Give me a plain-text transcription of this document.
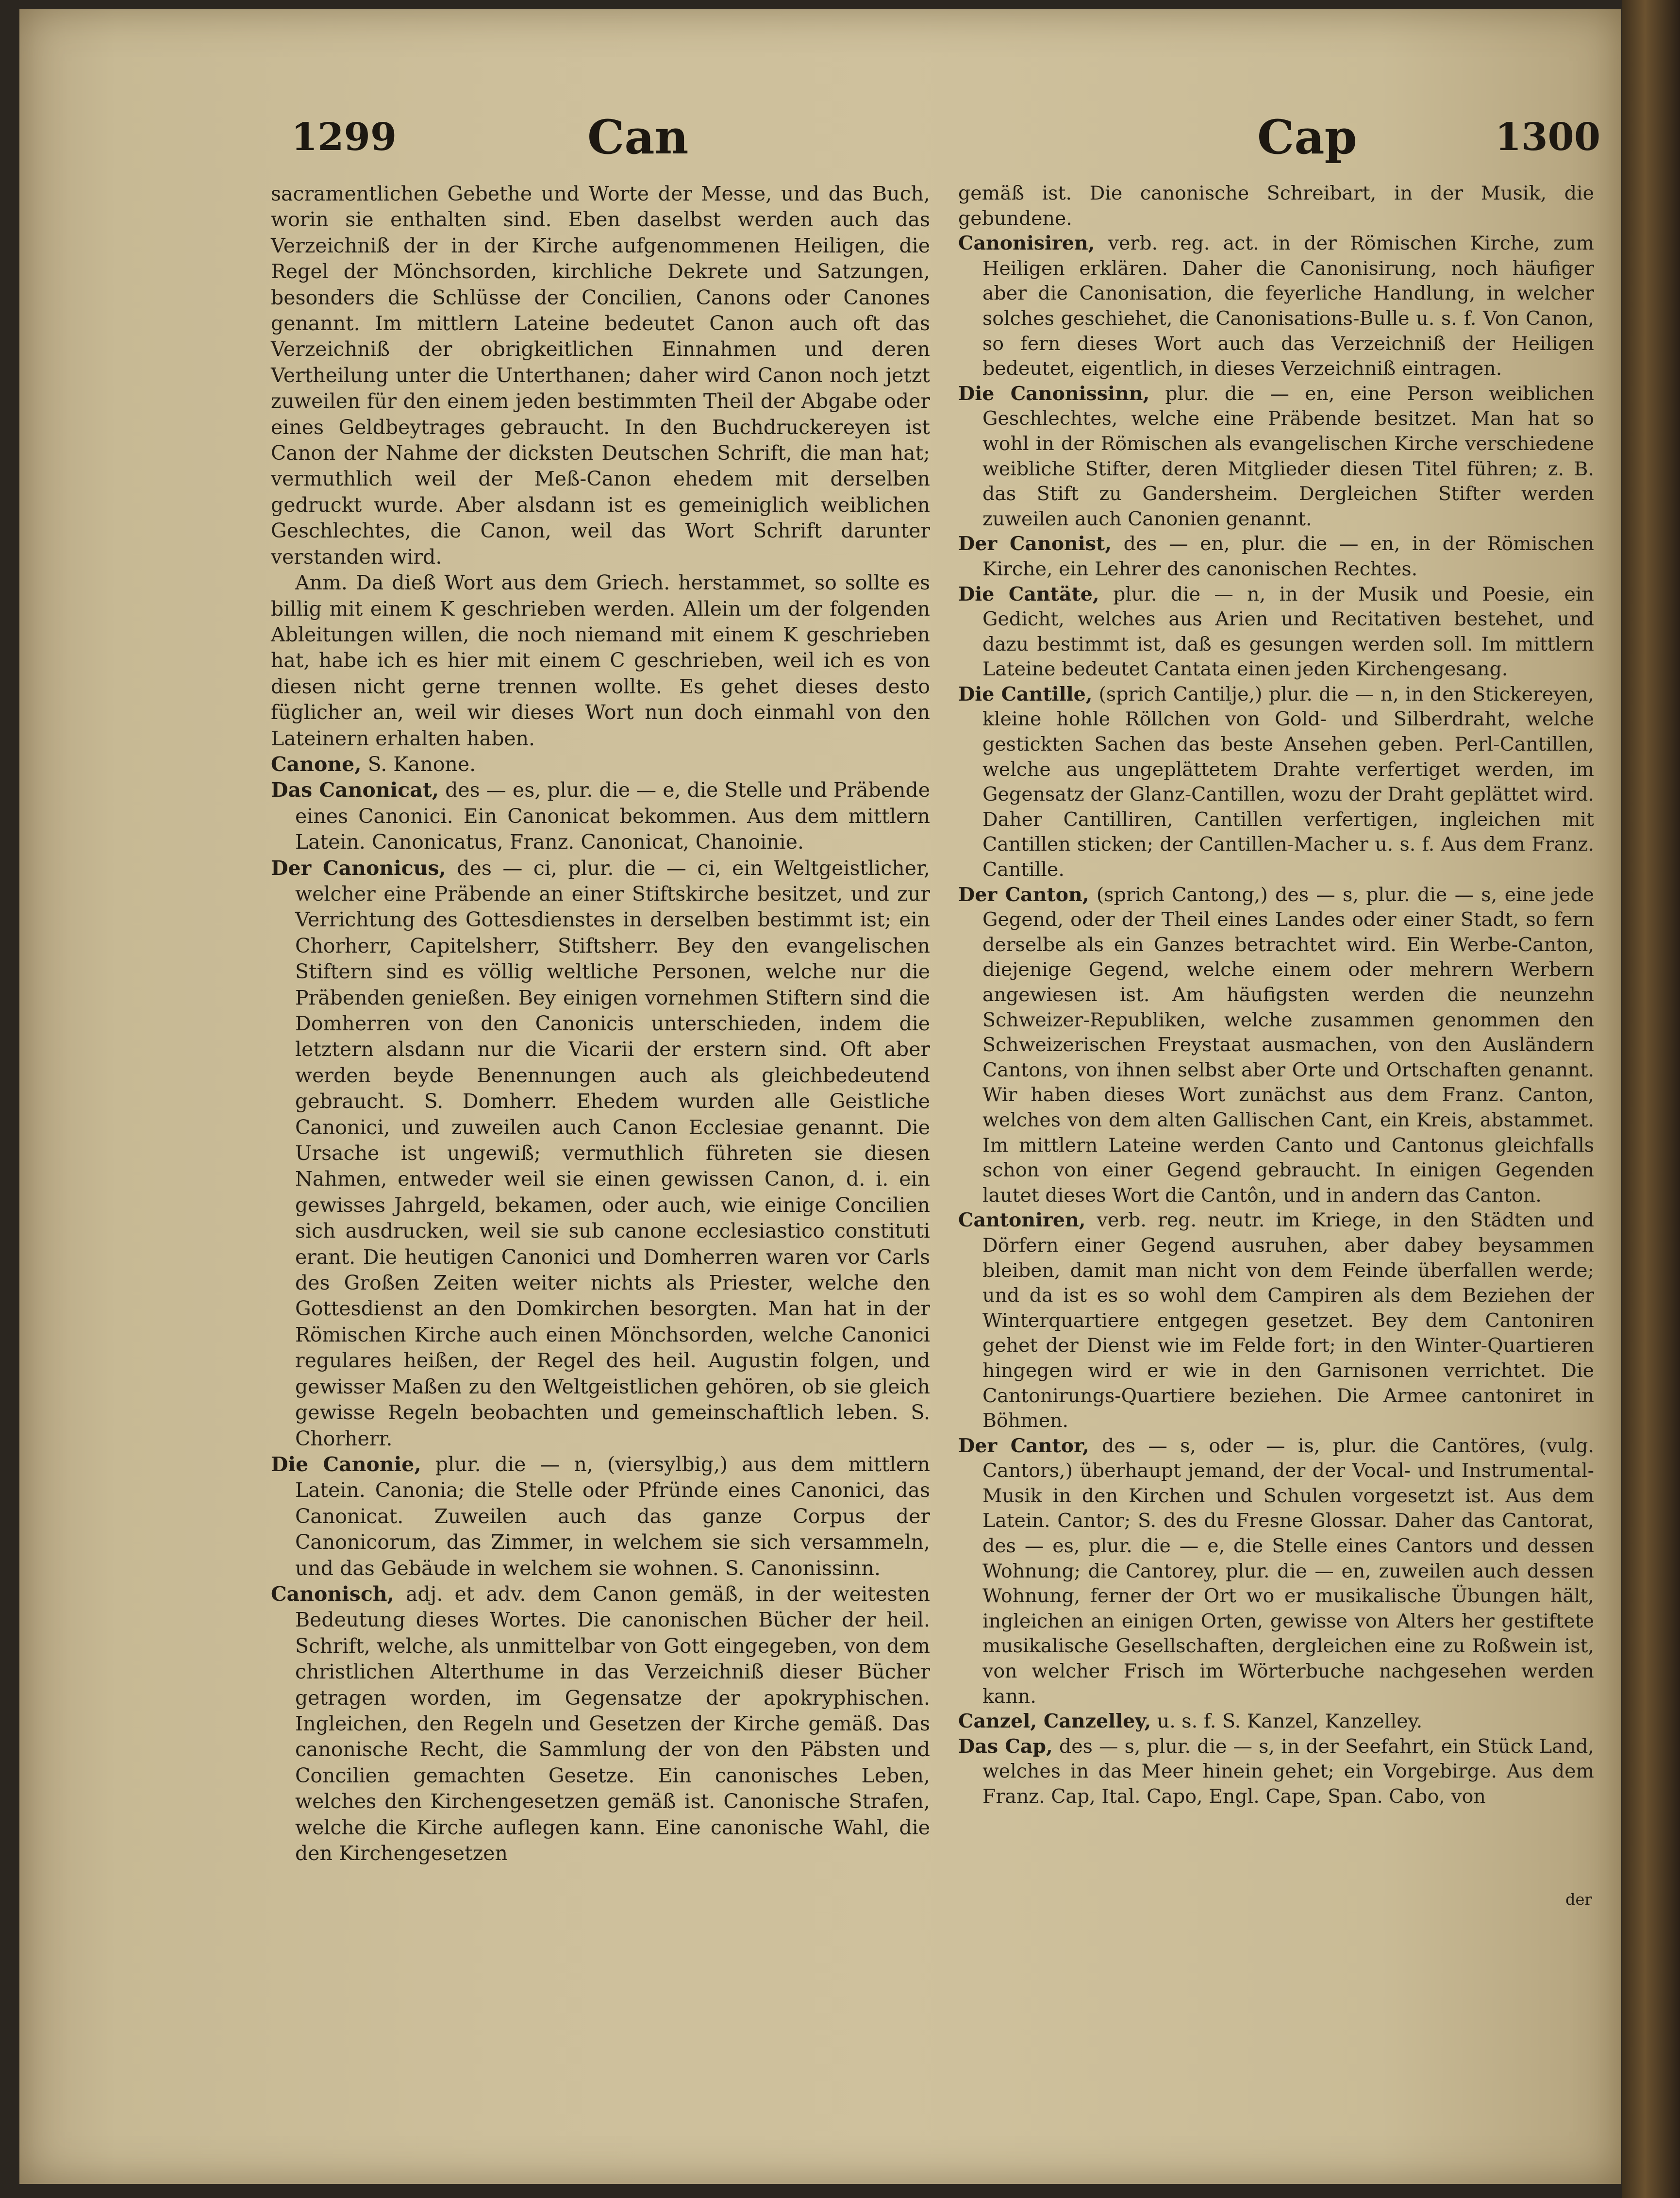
1299	Can	Cap	1300

sacramentlichen Gebethe und Worte der Messe, und das Buch, worin sie enthalten sind. Eben daselbst werden auch das Verzeichniß der in der Kirche aufgenommenen Heiligen, die Regel der Mönchsorden, kirchliche Dekrete und Satzungen, besonders die Schlüsse der Concilien, Canons oder Canones genannt. Im mittlern Lateine bedeutet Canon auch oft das Verzeichniß der obrigkeitlichen Einnahmen und deren Vertheilung unter die Unterthanen; daher wird Canon noch jetzt zuweilen für den einem jeden bestimmten Theil der Abgabe oder eines Geldbeytrages gebraucht. In den Buchdruckereyen ist Canon der Nahme der dicksten Deutschen Schrift, die man hat; vermuthlich weil der Meß-Canon ehedem mit derselben gedruckt wurde. Aber alsdann ist es gemeiniglich weiblichen Geschlechtes, die Canon, weil das Wort Schrift darunter verstanden wird.

Anm. Da dieß Wort aus dem Griech. herstammet, so sollte es billig mit einem K geschrieben werden. Allein um der folgenden Ableitungen willen, die noch niemand mit einem K geschrieben hat, habe ich es hier mit einem C geschrieben, weil ich es von diesen nicht gerne trennen wollte. Es gehet dieses desto füglicher an, weil wir dieses Wort nun doch einmahl von den Lateinern erhalten haben.

Canone, S. Kanone.

Das Canonicat, des — es, plur. die — e, die Stelle und Präbende eines Canonici. Ein Canonicat bekommen. Aus dem mittlern Latein. Canonicatus, Franz. Canonicat, Chanoinie.

Der Canonicus, des — ci, plur. die — ci, ein Weltgeistlicher, welcher eine Präbende an einer Stiftskirche besitzet, und zur Verrichtung des Gottesdienstes in derselben bestimmt ist; ein Chorherr, Capitelsherr, Stiftsherr. Bey den evangelischen Stiftern sind es völlig weltliche Personen, welche nur die Präbenden genießen. Bey einigen vornehmen Stiftern sind die Domherren von den Canonicis unterschieden, indem die letztern alsdann nur die Vicarii der erstern sind. Oft aber werden beyde Benennungen auch als gleichbedeutend gebraucht. S. Domherr. Ehedem wurden alle Geistliche Canonici, und zuweilen auch Canon Ecclesiae genannt. Die Ursache ist ungewiß; vermuthlich führeten sie diesen Nahmen, entweder weil sie einen gewissen Canon, d. i. ein gewisses Jahrgeld, bekamen, oder auch, wie einige Concilien sich ausdrucken, weil sie sub canone ecclesiastico constituti erant. Die heutigen Canonici und Domherren waren vor Carls des Großen Zeiten weiter nichts als Priester, welche den Gottesdienst an den Domkirchen besorgten. Man hat in der Römischen Kirche auch einen Mönchsorden, welche Canonici regulares heißen, der Regel des heil. Augustin folgen, und gewisser Maßen zu den Weltgeistlichen gehören, ob sie gleich gewisse Regeln beobachten und gemeinschaftlich leben. S. Chorherr.

Die Canonie, plur. die — n, (viersylbig,) aus dem mittlern Latein. Canonia; die Stelle oder Pfründe eines Canonici, das Canonicat. Zuweilen auch das ganze Corpus der Canonicorum, das Zimmer, in welchem sie sich versammeln, und das Gebäude in welchem sie wohnen. S. Canonissinn.

Canonisch, adj. et adv. dem Canon gemäß, in der weitesten Bedeutung dieses Wortes. Die canonischen Bücher der heil. Schrift, welche, als unmittelbar von Gott eingegeben, von dem christlichen Alterthume in das Verzeichniß dieser Bücher getragen worden, im Gegensatze der apokryphischen. Ingleichen, den Regeln und Gesetzen der Kirche gemäß. Das canonische Recht, die Sammlung der von den Päbsten und Concilien gemachten Gesetze. Ein canonisches Leben, welches den Kirchengesetzen gemäß ist. Canonische Strafen, welche die Kirche auflegen kann. Eine canonische Wahl, die den Kirchengesetzen

gemäß ist. Die canonische Schreibart, in der Musik, die gebundene.

Canonisiren, verb. reg. act. in der Römischen Kirche, zum Heiligen erklären. Daher die Canonisirung, noch häufiger aber die Canonisation, die feyerliche Handlung, in welcher solches geschiehet, die Canonisations-Bulle u. s. f. Von Canon, so fern dieses Wort auch das Verzeichniß der Heiligen bedeutet, eigentlich, in dieses Verzeichniß eintragen.

Die Canonissinn, plur. die — en, eine Person weiblichen Geschlechtes, welche eine Präbende besitzet. Man hat so wohl in der Römischen als evangelischen Kirche verschiedene weibliche Stifter, deren Mitglieder diesen Titel führen; z. B. das Stift zu Gandersheim. Dergleichen Stifter werden zuweilen auch Canonien genannt.

Der Canonist, des — en, plur. die — en, in der Römischen Kirche, ein Lehrer des canonischen Rechtes.

Die Cantäte, plur. die — n, in der Musik und Poesie, ein Gedicht, welches aus Arien und Recitativen bestehet, und dazu bestimmt ist, daß es gesungen werden soll. Im mittlern Lateine bedeutet Cantata einen jeden Kirchengesang.

Die Cantille, (sprich Cantilje,) plur. die — n, in den Stickereyen, kleine hohle Röllchen von Gold- und Silberdraht, welche gestickten Sachen das beste Ansehen geben. Perl-Cantillen, welche aus ungeplättetem Drahte verfertiget werden, im Gegensatz der Glanz-Cantillen, wozu der Draht geplättet wird. Daher Cantilliren, Cantillen verfertigen, ingleichen mit Cantillen sticken; der Cantillen-Macher u. s. f. Aus dem Franz. Cantille.

Der Canton, (sprich Cantong,) des — s, plur. die — s, eine jede Gegend, oder der Theil eines Landes oder einer Stadt, so fern derselbe als ein Ganzes betrachtet wird. Ein Werbe-Canton, diejenige Gegend, welche einem oder mehrern Werbern angewiesen ist. Am häufigsten werden die neunzehn Schweizer-Republiken, welche zusammen genommen den Schweizerischen Freystaat ausmachen, von den Ausländern Cantons, von ihnen selbst aber Orte und Ortschaften genannt. Wir haben dieses Wort zunächst aus dem Franz. Canton, welches von dem alten Gallischen Cant, ein Kreis, abstammet. Im mittlern Lateine werden Canto und Cantonus gleichfalls schon von einer Gegend gebraucht. In einigen Gegenden lautet dieses Wort die Cantôn, und in andern das Canton.

Cantoniren, verb. reg. neutr. im Kriege, in den Städten und Dörfern einer Gegend ausruhen, aber dabey beysammen bleiben, damit man nicht von dem Feinde überfallen werde; und da ist es so wohl dem Campiren als dem Beziehen der Winterquartiere entgegen gesetzet. Bey dem Cantoniren gehet der Dienst wie im Felde fort; in den Winter-Quartieren hingegen wird er wie in den Garnisonen verrichtet. Die Cantonirungs-Quartiere beziehen. Die Armee cantoniret in Böhmen.

Der Cantor, des — s, oder — is, plur. die Cantöres, (vulg. Cantors,) überhaupt jemand, der der Vocal- und Instrumental-Musik in den Kirchen und Schulen vorgesetzt ist. Aus dem Latein. Cantor; S. des du Fresne Glossar. Daher das Cantorat, des — es, plur. die — e, die Stelle eines Cantors und dessen Wohnung; die Cantorey, plur. die — en, zuweilen auch dessen Wohnung, ferner der Ort wo er musikalische Übungen hält, ingleichen an einigen Orten, gewisse von Alters her gestiftete musikalische Gesellschaften, dergleichen eine zu Roßwein ist, von welcher Frisch im Wörterbuche nachgesehen werden kann.

Canzel, Canzelley, u. s. f. S. Kanzel, Kanzelley.

Das Cap, des — s, plur. die — s, in der Seefahrt, ein Stück Land, welches in das Meer hinein gehet; ein Vorgebirge. Aus dem Franz. Cap, Ital. Capo, Engl. Cape, Span. Cabo, von

der
